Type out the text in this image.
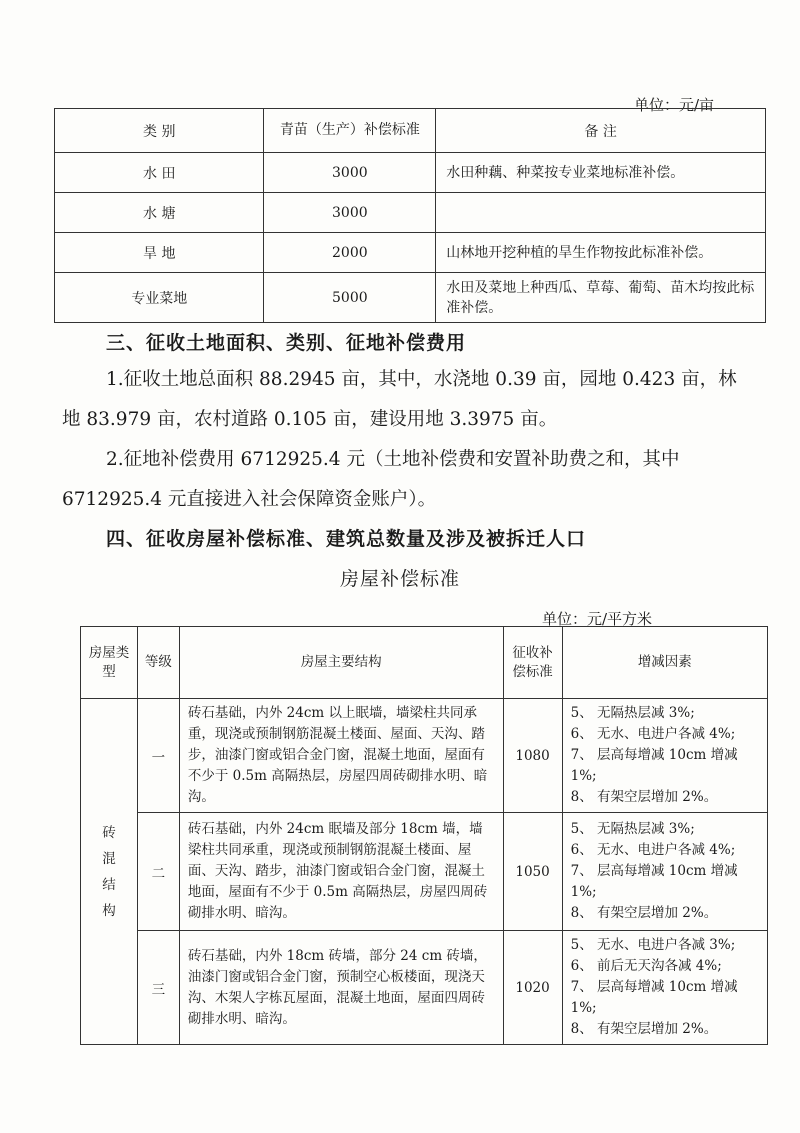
单位：元/亩
类 别	青苗（生产）补偿标准	备 注
水 田	3000	水田种藕、种菜按专业菜地标准补偿。
水 塘	3000	
旱 地	2000	山林地开挖种植的旱生作物按此标准补偿。
专业菜地	5000	水田及菜地上种西瓜、草莓、葡萄、苗木均按此标准补偿。
三、征收土地面积、类别、征地补偿费用
1.征收土地总面积 88.2945 亩，其中，水浇地 0.39 亩，园地 0.423 亩，林地 83.979 亩，农村道路 0.105 亩，建设用地 3.3975 亩。
2.征地补偿费用 6712925.4 元（土地补偿费和安置补助费之和，其中 6712925.4 元直接进入社会保障资金账户）。
四、征收房屋补偿标准、建筑总数量及涉及被拆迁人口
房屋补偿标准
单位：元/平方米
房屋类型	等级	房屋主要结构	征收补偿标准	增减因素
砖混结构	一	砖石基础，内外 24cm 以上眠墙，墙梁柱共同承重，现浇或预制钢筋混凝土楼面、屋面、天沟、踏步，油漆门窗或铝合金门窗，混凝土地面，屋面有不少于 0.5m 高隔热层，房屋四周砖砌排水明、暗沟。	1080	5、 无隔热层减 3%;
6、 无水、电进户各减 4%;
7、 层高每增减 10cm 增减 1%;
8、 有架空层增加 2%。

	二	砖石基础，内外 24cm 眠墙及部分 18cm 墙，墙梁柱共同承重，现浇或预制钢筋混凝土楼面、屋面、天沟、踏步，油漆门窗或铝合金门窗，混凝土地面，屋面有不少于 0.5m 高隔热层，房屋四周砖砌排水明、暗沟。	1050	5、 无隔热层减 3%;
6、 无水、电进户各减 4%;
7、 层高每增减 10cm 增减 1%;
8、 有架空层增加 2%。

	三	砖石基础，内外 18cm 砖墙，部分 24 cm 砖墙，油漆门窗或铝合金门窗，预制空心板楼面，现浇天沟、木架人字栋瓦屋面，混凝土地面，屋面四周砖砌排水明、暗沟。	1020	5、 无水、电进户各减 3%;
6、 前后无天沟各减 4%;
7、 层高每增减 10cm 增减 1%;
8、 有架空层增加 2%。
